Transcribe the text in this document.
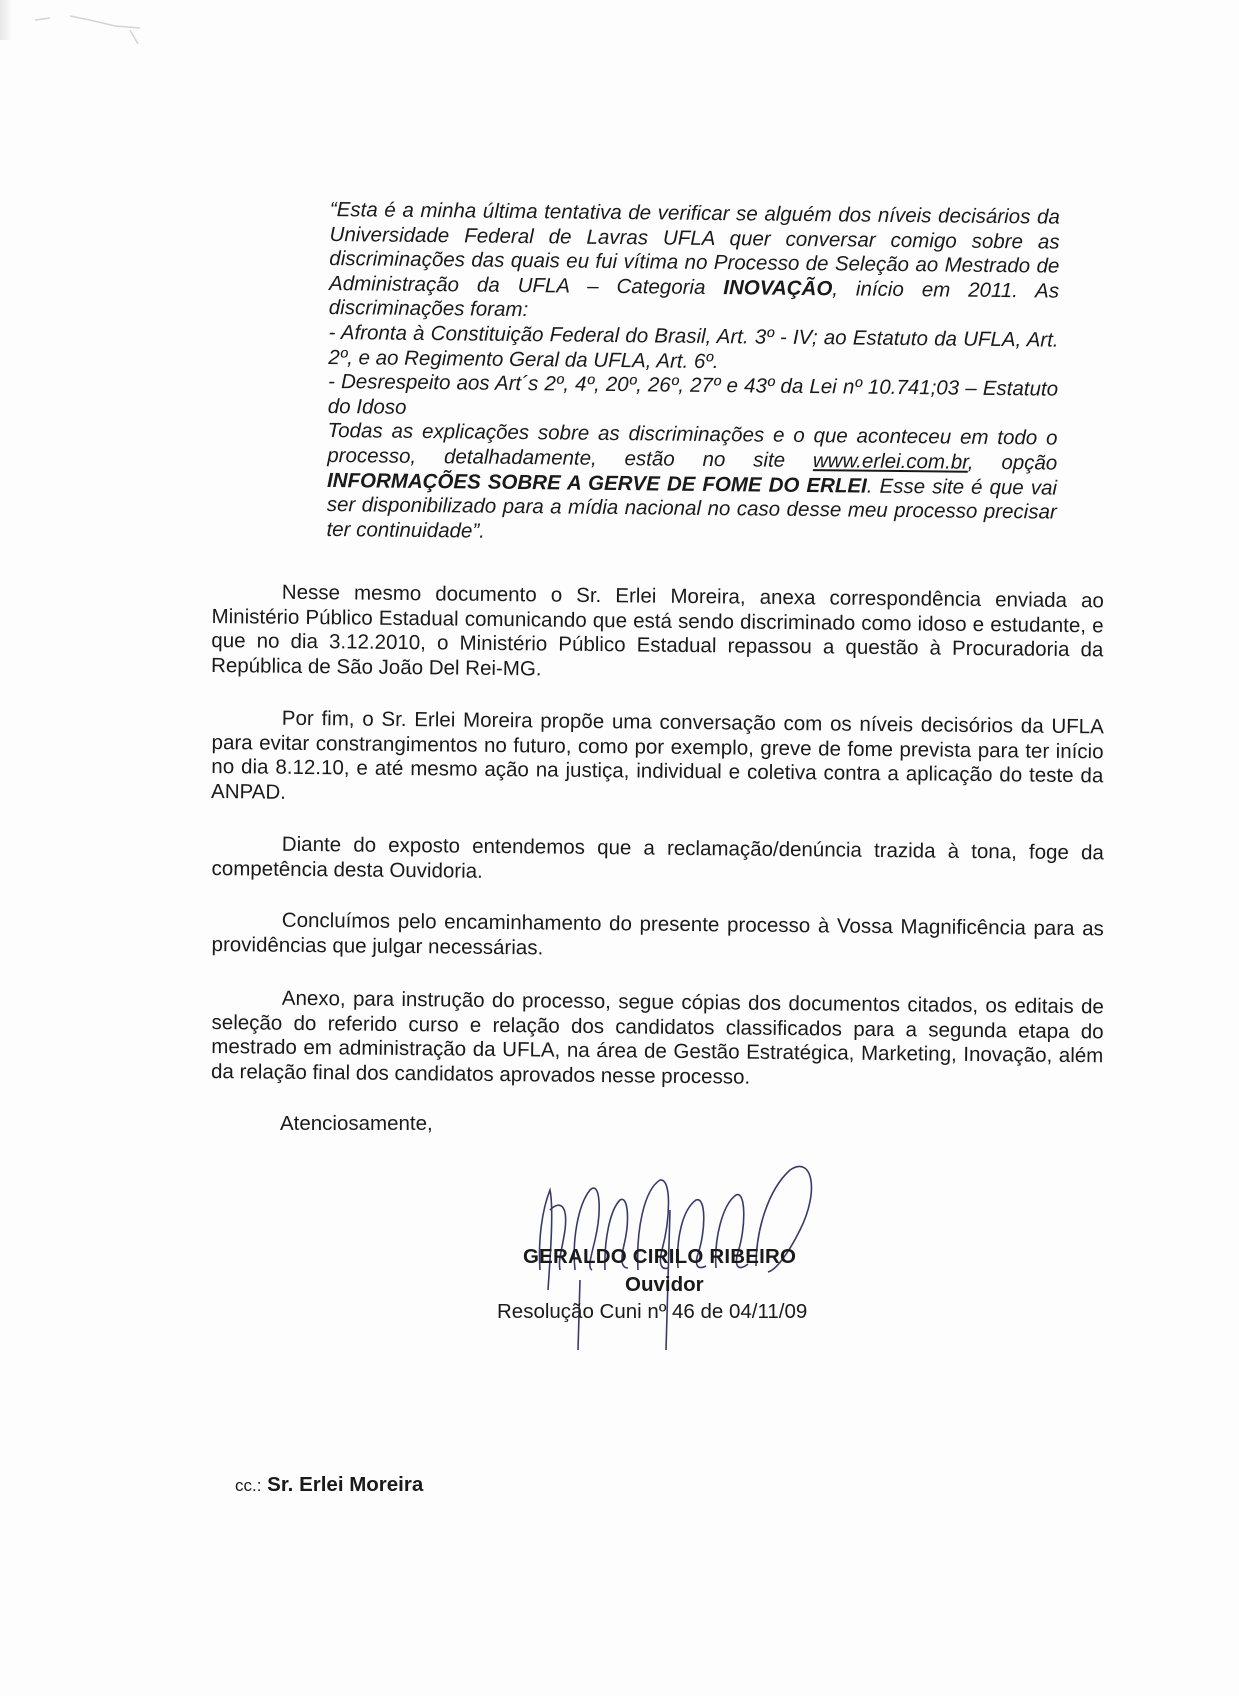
“Esta é a minha última tentativa de verificar se alguém dos níveis decisários da Universidade Federal de Lavras UFLA quer conversar comigo sobre as discriminações das quais eu fui vítima no Processo de Seleção ao Mestrado de Administração da UFLA – Categoria INOVAÇÃO, início em 2011. As discriminações foram:

- Afronta à Constituição Federal do Brasil, Art. 3º - IV; ao Estatuto da UFLA, Art. 2º, e ao Regimento Geral da UFLA, Art. 6º.

- Desrespeito aos Art´s 2º, 4º, 20º, 26º, 27º e 43º da Lei nº 10.741;03 – Estatuto do Idoso

Todas as explicações sobre as discriminações e o que aconteceu em todo o processo, detalhadamente, estão no site www.erlei.com.br, opção INFORMAÇÕES SOBRE A GERVE DE FOME DO ERLEI. Esse site é que vai ser disponibilizado para a mídia nacional no caso desse meu processo precisar ter continuidade”.

Nesse mesmo documento o Sr. Erlei Moreira, anexa correspondência enviada ao Ministério Público Estadual comunicando que está sendo discriminado como idoso e estudante, e que no dia 3.12.2010, o Ministério Público Estadual repassou a questão à Procuradoria da República de São João Del Rei-MG.

Por fim, o Sr. Erlei Moreira propõe uma conversação com os níveis decisórios da UFLA para evitar constrangimentos no futuro, como por exemplo, greve de fome prevista para ter início no dia 8.12.10, e até mesmo ação na justiça, individual e coletiva contra a aplicação do teste da ANPAD.

Diante do exposto entendemos que a reclamação/denúncia trazida à tona, foge da competência desta Ouvidoria.

Concluímos pelo encaminhamento do presente processo à Vossa Magnificência para as providências que julgar necessárias.

Anexo, para instrução do processo, segue cópias dos documentos citados, os editais de seleção do referido curso e relação dos candidatos classificados para a segunda etapa do mestrado em administração da UFLA, na área de Gestão Estratégica, Marketing, Inovação, além da relação final dos candidatos aprovados nesse processo.

Atenciosamente,
GERALDO CIRILO RIBEIRO
Ouvidor
Resolução Cuni nº 46 de 04/11/09
cc.: Sr. Erlei Moreira
